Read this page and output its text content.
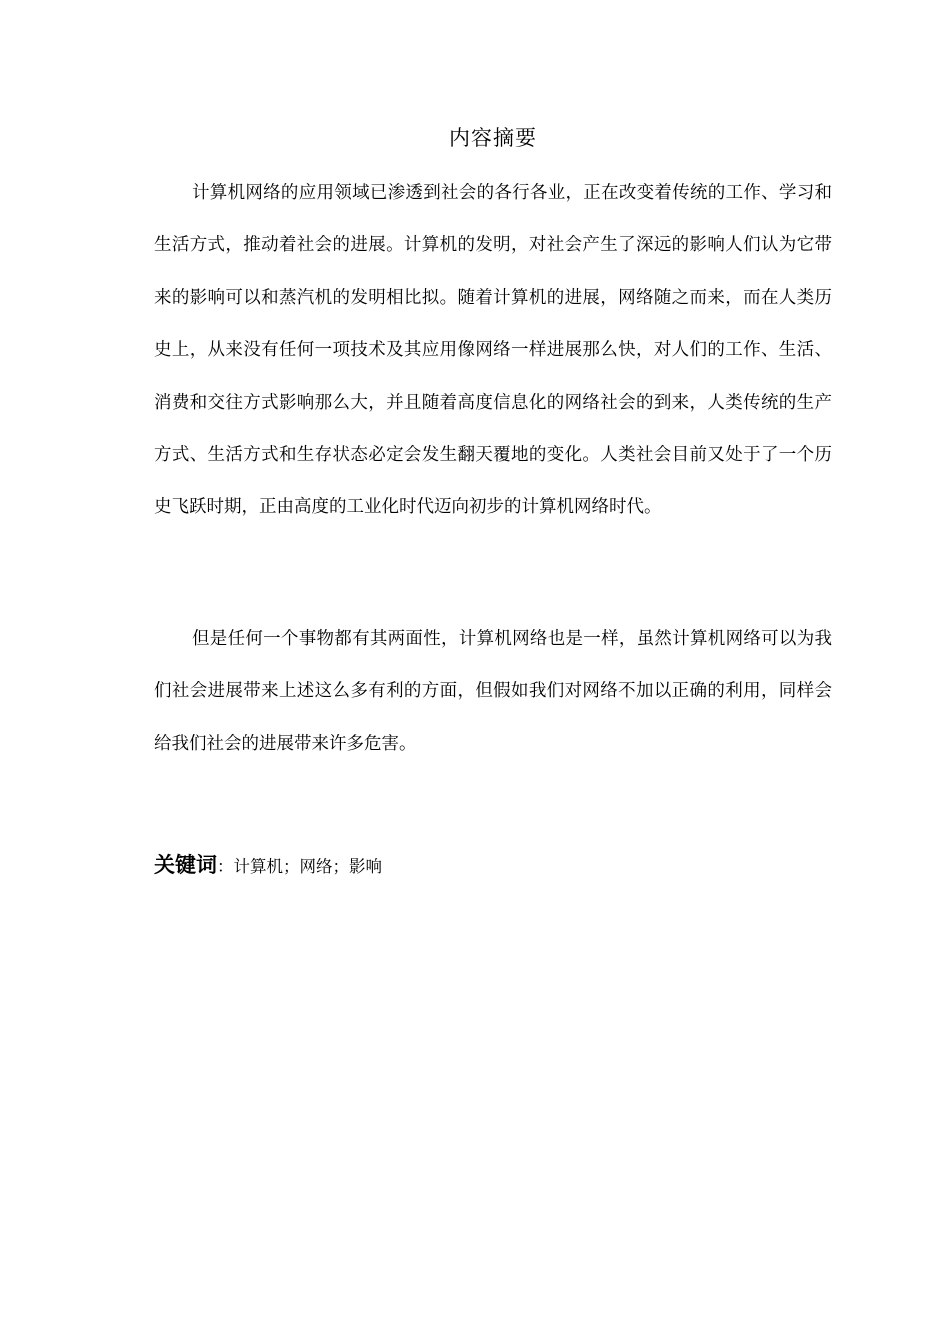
内容摘要

计算机网络的应用领域已渗透到社会的各行各业，正在改变着传统的工作、学习和生活方式，推动着社会的进展。计算机的发明，对社会产生了深远的影响人们认为它带来的影响可以和蒸汽机的发明相比拟。随着计算机的进展，网络随之而来，而在人类历史上，从来没有任何一项技术及其应用像网络一样进展那么快，对人们的工作、生活、消费和交往方式影响那么大，并且随着高度信息化的网络社会的到来，人类传统的生产方式、生活方式和生存状态必定会发生翻天覆地的变化。人类社会目前又处于了一个历史飞跃时期，正由高度的工业化时代迈向初步的计算机网络时代。

但是任何一个事物都有其两面性，计算机网络也是一样，虽然计算机网络可以为我们社会进展带来上述这么多有利的方面，但假如我们对网络不加以正确的利用，同样会给我们社会的进展带来许多危害。

关键词：计算机；网络；影响
